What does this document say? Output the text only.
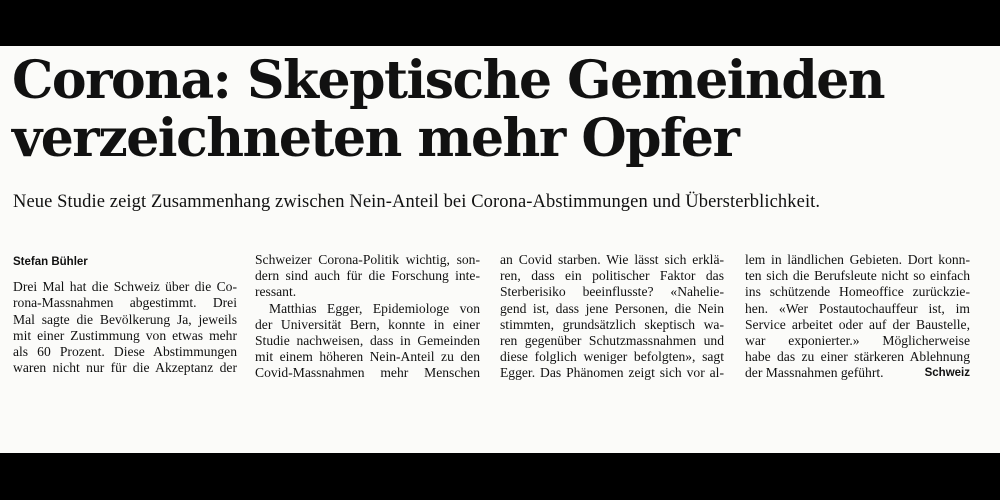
Corona: Skeptische Gemeinden
verzeichneten mehr Opfer

Neue Studie zeigt Zusammenhang zwischen Nein-Anteil bei Corona-Abstimmungen und Übersterblichkeit.

Stefan Bühler
Drei Mal hat die Schweiz über die Co-
rona-Massnahmen abgestimmt. Drei
Mal sagte die Bevölkerung Ja, jeweils
mit einer Zustimmung von etwas mehr
als 60 Prozent. Diese Abstimmungen
waren nicht nur für die Akzeptanz der
Schweizer Corona-Politik wichtig, son-
dern sind auch für die Forschung inte-
ressant.
Matthias Egger, Epidemiologe von
der Universität Bern, konnte in einer
Studie nachweisen, dass in Gemeinden
mit einem höheren Nein-Anteil zu den
Covid-Massnahmen mehr Menschen
an Covid starben. Wie lässt sich erklä-
ren, dass ein politischer Faktor das
Sterberisiko beeinflusste? «Nahelie-
gend ist, dass jene Personen, die Nein
stimmten, grundsätzlich skeptisch wa-
ren gegenüber Schutzmassnahmen und
diese folglich weniger befolgten», sagt
Egger. Das Phänomen zeigt sich vor al-
lem in ländlichen Gebieten. Dort konn-
ten sich die Berufsleute nicht so einfach
ins schützende Homeoffice zurückzie-
hen. «Wer Postautochauffeur ist, im
Service arbeitet oder auf der Baustelle,
war exponierter.» Möglicherweise
habe das zu einer stärkeren Ablehnung
der Massnahmen geführt.	Schweiz
